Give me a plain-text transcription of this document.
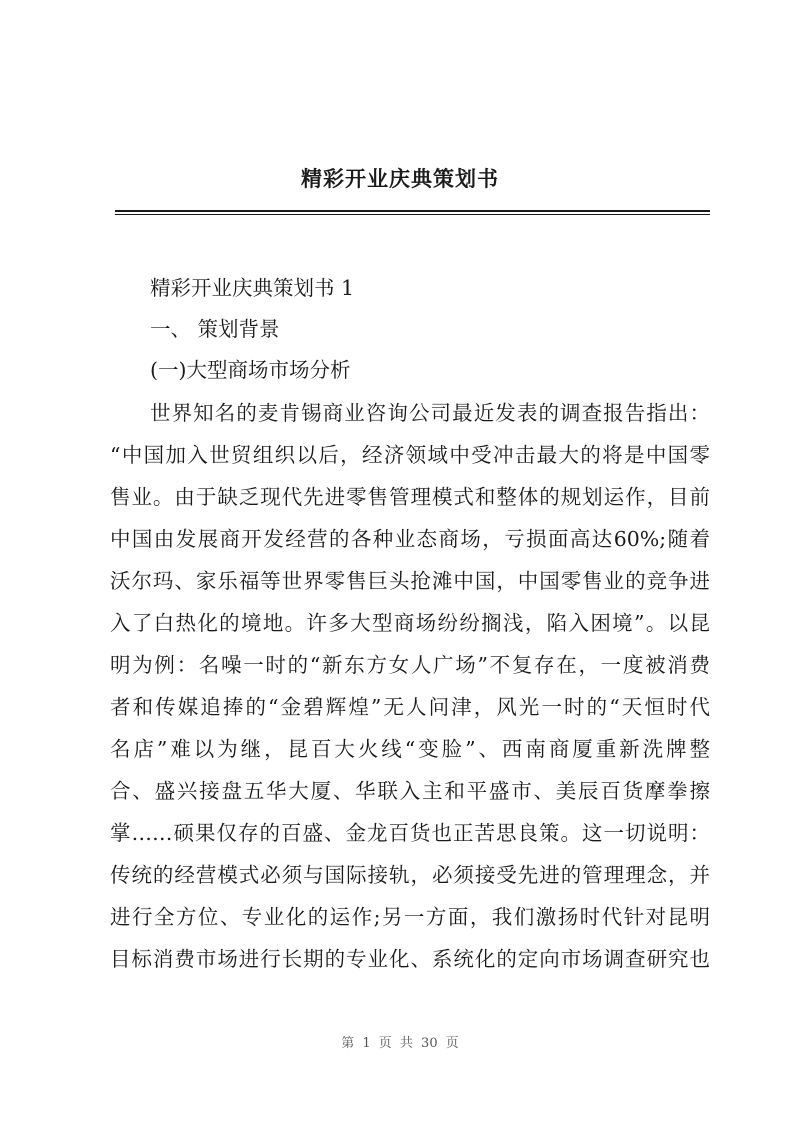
精彩开业庆典策划书
精彩开业庆典策划书 1
一、 策划背景
(一)大型商场市场分析
世界知名的麦肯锡商业咨询公司最近发表的调查报告指出：
“中国加入世贸组织以后，经济领域中受冲击最大的将是中国零
售业。由于缺乏现代先进零售管理模式和整体的规划运作，目前
中国由发展商开发经营的各种业态商场，亏损面高达60%;随着
沃尔玛、家乐福等世界零售巨头抢滩中国，中国零售业的竞争进
入了白热化的境地。许多大型商场纷纷搁浅，陷入困境”。以昆
明为例：名噪一时的“新东方女人广场”不复存在，一度被消费
者和传媒追捧的“金碧辉煌”无人问津，风光一时的“天恒时代
名店”难以为继，昆百大火线“变脸”、西南商厦重新洗牌整
合、盛兴接盘五华大厦、华联入主和平盛市、美辰百货摩拳擦
掌……硕果仅存的百盛、金龙百货也正苦思良策。这一切说明：
传统的经营模式必须与国际接轨，必须接受先进的管理理念，并
进行全方位、专业化的运作;另一方面，我们激扬时代针对昆明
目标消费市场进行长期的专业化、系统化的定向市场调查研究也
第 1 页 共 30 页
